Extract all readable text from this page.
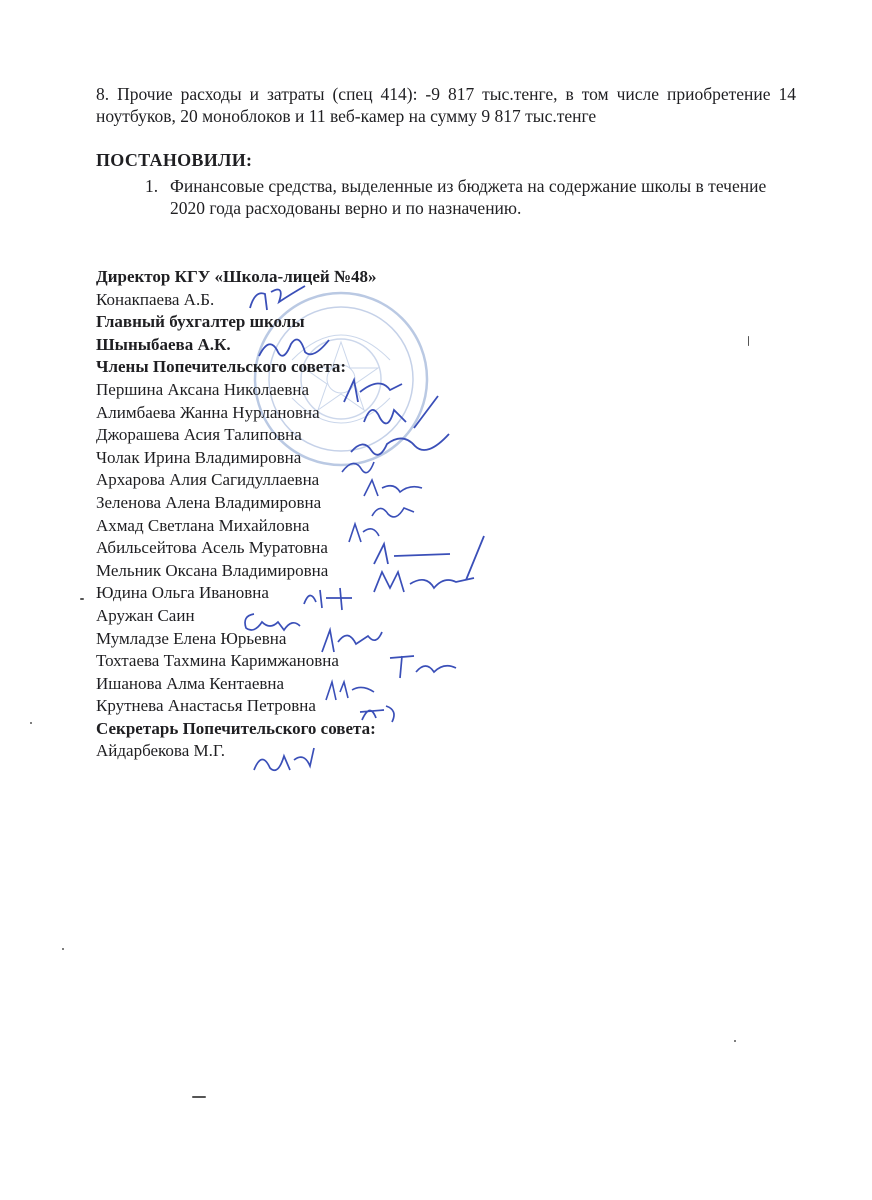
8. Прочие расходы и затраты (спец 414): -9 817 тыс.тенге, в том числе приобретение 14 ноутбуков, 20 моноблоков и 11 веб-камер на сумму 9 817 тыс.тенге

ПОСТАНОВИЛИ:
1. Финансовые средства, выделенные из бюджета на содержание школы в течение 2020 года расходованы верно и по назначению.
Директор КГУ «Школа-лицей №48»
Конакпаева А.Б.
Главный бухгалтер школы
Шыныбаева А.К.
Члены Попечительского совета:
Першина Аксана Николаевна
Алимбаева Жанна Нурлановна
Джорашева Асия Талиповна
Чолак Ирина Владимировна
Архарова Алия Сагидуллаевна
Зеленова Алена Владимировна
Ахмад Светлана Михайловна
Абильсейтова Асель Муратовна
Мельник Оксана Владимировна
Юдина Ольга Ивановна
Аружан Саин
Мумладзе Елена Юрьевна
Тохтаева Тахмина Каримжановна
Ишанова Алма Кентаевна
Крутнева Анастасья Петровна
Секретарь Попечительского совета:
Айдарбекова М.Г.
